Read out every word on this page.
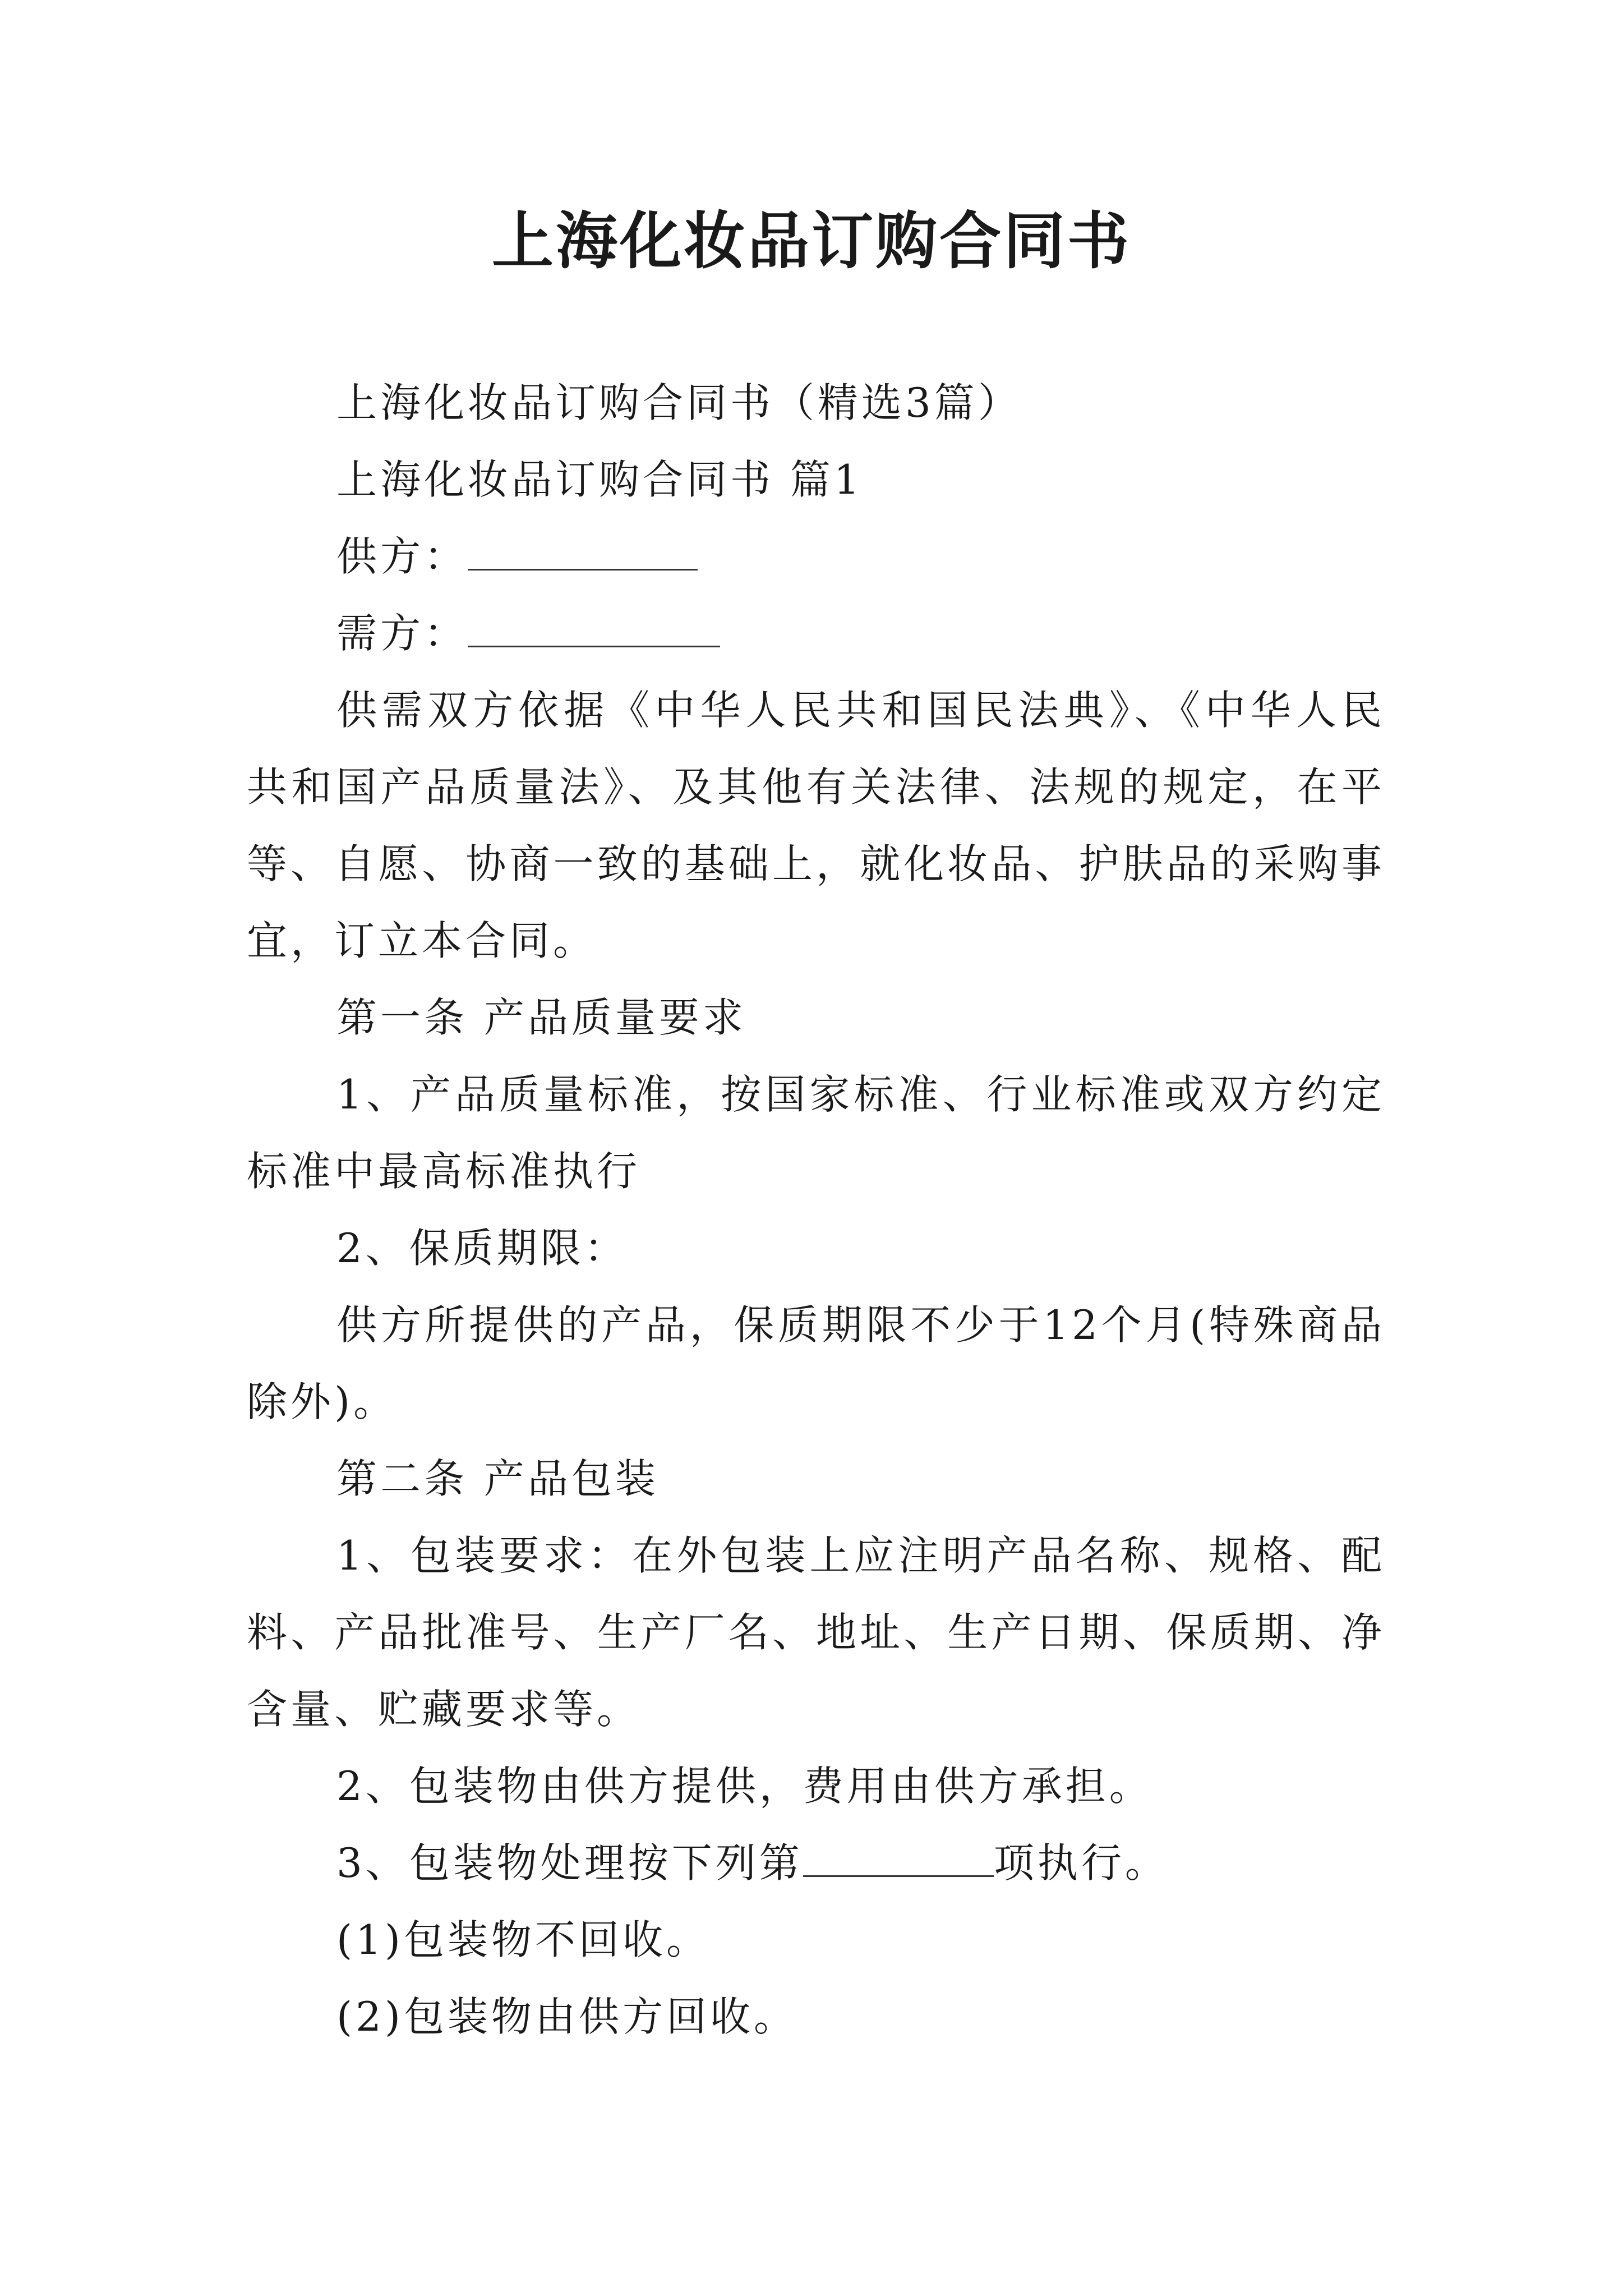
上海化妆品订购合同书

上海化妆品订购合同书（精选3篇）

上海化妆品订购合同书 篇1

供方：

需方：

供需双方依据《中华人民共和国民法典》、《中华人民共和国产品质量法》、及其他有关法律、法规的规定，在平等、自愿、协商一致的基础上，就化妆品、护肤品的采购事宜，订立本合同。

第一条 产品质量要求

1、产品质量标准，按国家标准、行业标准或双方约定标准中最高标准执行

2、保质期限：

供方所提供的产品，保质期限不少于12个月(特殊商品除外)。

第二条 产品包装

1、包装要求：在外包装上应注明产品名称、规格、配料、产品批准号、生产厂名、地址、生产日期、保质期、净含量、贮藏要求等。

2、包装物由供方提供，费用由供方承担。

3、包装物处理按下列第	项执行。

(1)包装物不回收。

(2)包装物由供方回收。
